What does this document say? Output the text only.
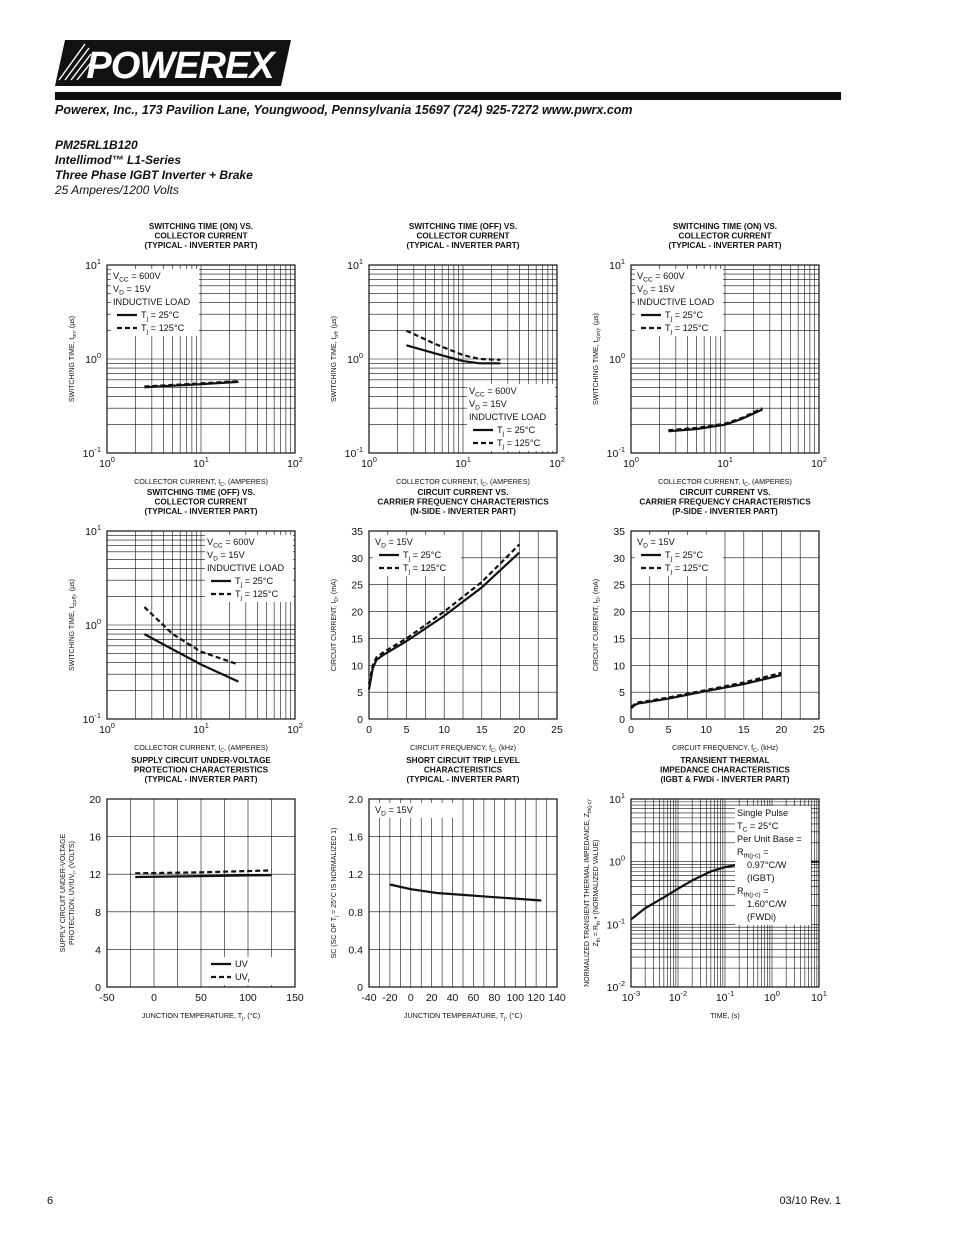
POWEREX
Powerex, Inc., 173 Pavilion Lane, Youngwood, Pennsylvania 15697 (724) 925-7272 www.pwrx.com
PM25RL1B120
Intellimod™ L1-Series
Three Phase IGBT Inverter + Brake
25 Amperes/1200 Volts
SWITCHING TIME (ON) VS.
COLLECTOR CURRENT
(TYPICAL - INVERTER PART)
COLLECTOR CURRENT, $I_C$, (AMPERES)
SWITCHING TIME, $t_{on}$, (µs)
$10^0$	$10^1$	$10^2$
$10^{-1}$
$10^0$
$10^1$
$V_{CC} = 600V$
$V_D = 15V$
INDUCTIVE LOAD
$T_j = 25^\circ C$
$T_j = 125^\circ C$
SWITCHING TIME (OFF) VS.
COLLECTOR CURRENT
(TYPICAL - INVERTER PART)
COLLECTOR CURRENT, $I_C$, (AMPERES)
SWITCHING TIME, $t_{off}$, (µs)
$10^0$	$10^1$	$10^2$
$10^{-1}$
$10^0$
$10^1$
$V_{CC} = 600V$
$V_D = 15V$
INDUCTIVE LOAD
$T_j = 25^\circ C$
$T_j = 125^\circ C$
SWITCHING TIME (ON) VS.
COLLECTOR CURRENT
(TYPICAL - INVERTER PART)
COLLECTOR CURRENT, $I_C$, (AMPERES)
SWITCHING TIME, $t_{c(on)}$, (µs)
$10^0$	$10^1$	$10^2$
$10^{-1}$
$10^0$
$10^1$
$V_{CC} = 600V$
$V_D = 15V$
INDUCTIVE LOAD
$T_j = 25^\circ C$
$T_j = 125^\circ C$
SWITCHING TIME (OFF) VS.
COLLECTOR CURRENT
(TYPICAL - INVERTER PART)
COLLECTOR CURRENT, $I_C$, (AMPERES)
SWITCHING TIME, $t_{c(off)}$, (µs)
$10^0$	$10^1$	$10^2$
$10^{-1}$
$10^0$
$10^1$
$V_{CC} = 600V$
$V_D = 15V$
INDUCTIVE LOAD
$T_j = 25^\circ C$
$T_j = 125^\circ C$
CIRCUIT CURRENT VS.
CARRIER FREQUENCY CHARACTERISTICS
(N-SIDE - INVERTER PART)
CIRCUIT FREQUENCY, $f_C$, (kHz)
CIRCUIT CURRENT, $I_D$, (mA)
0	5	10 15 20 25
0
5
10
15
20
25
30
35
$V_D = 15V$
$T_j = 25^\circ C$
$T_j = 125^\circ C$
CIRCUIT CURRENT VS.
CARRIER FREQUENCY CHARACTERISTICS
(P-SIDE - INVERTER PART)
CIRCUIT FREQUENCY, $f_C$, (kHz)
CIRCUIT CURRENT, $I_D$, (mA)
0	5	10 15 20 25
0
5
10
15
20
25
30
35
$V_D = 15V$
$T_j = 25^\circ C$
$T_j = 125^\circ C$
SUPPLY CIRCUIT UNDER-VOLTAGE
PROTECTION CHARACTERISTICS
(TYPICAL - INVERTER PART)
JUNCTION TEMPERATURE, $T_j$, (°C)
SUPPLY CIRCUIT UNDER-VOLTAGE PROTECTION, $UV/UV_r$, (VOLTS)
-50	0	50	100	150
0
4
8
12
16
20
UV
$UV_r$
SHORT CIRCUIT TRIP LEVEL
CHARACTERISTICS
(TYPICAL - INVERTER PART)
JUNCTION TEMPERATURE, $T_j$, (°C)
SC (SC OF $T_j = 25^\circ C$ IS NORMALIZED 1)
-40 -20 0 20 40 60 80 100 120 140
0
0.4
0.8
1.2
1.6
2.0
$V_D = 15V$
TRANSIENT THERMAL
IMPEDANCE CHARACTERISTICS
(IGBT & FWDi - INVERTER PART)
TIME, (s)
NORMALIZED TRANSIENT THERMAL IMPEDANCE, $Z_{th(j-c)'}$
$Z_{th} = R_{th}$ • (NORMALIZED VALUE)
$10^{-3}$	$10^{-2}$	$10^{-1}$	$10^0$	$10^1$
$10^{-2}$
$10^{-1}$
$10^0$
$10^1$
Single Pulse
$T_C = 25^\circ C$
Per Unit Base =
$R_{th(j-c)}$ =
0.97°C/W
(IGBT)
$R_{th(j-c)}$ =
1.60°C/W
(FWDi)
6	03/10 Rev. 1
